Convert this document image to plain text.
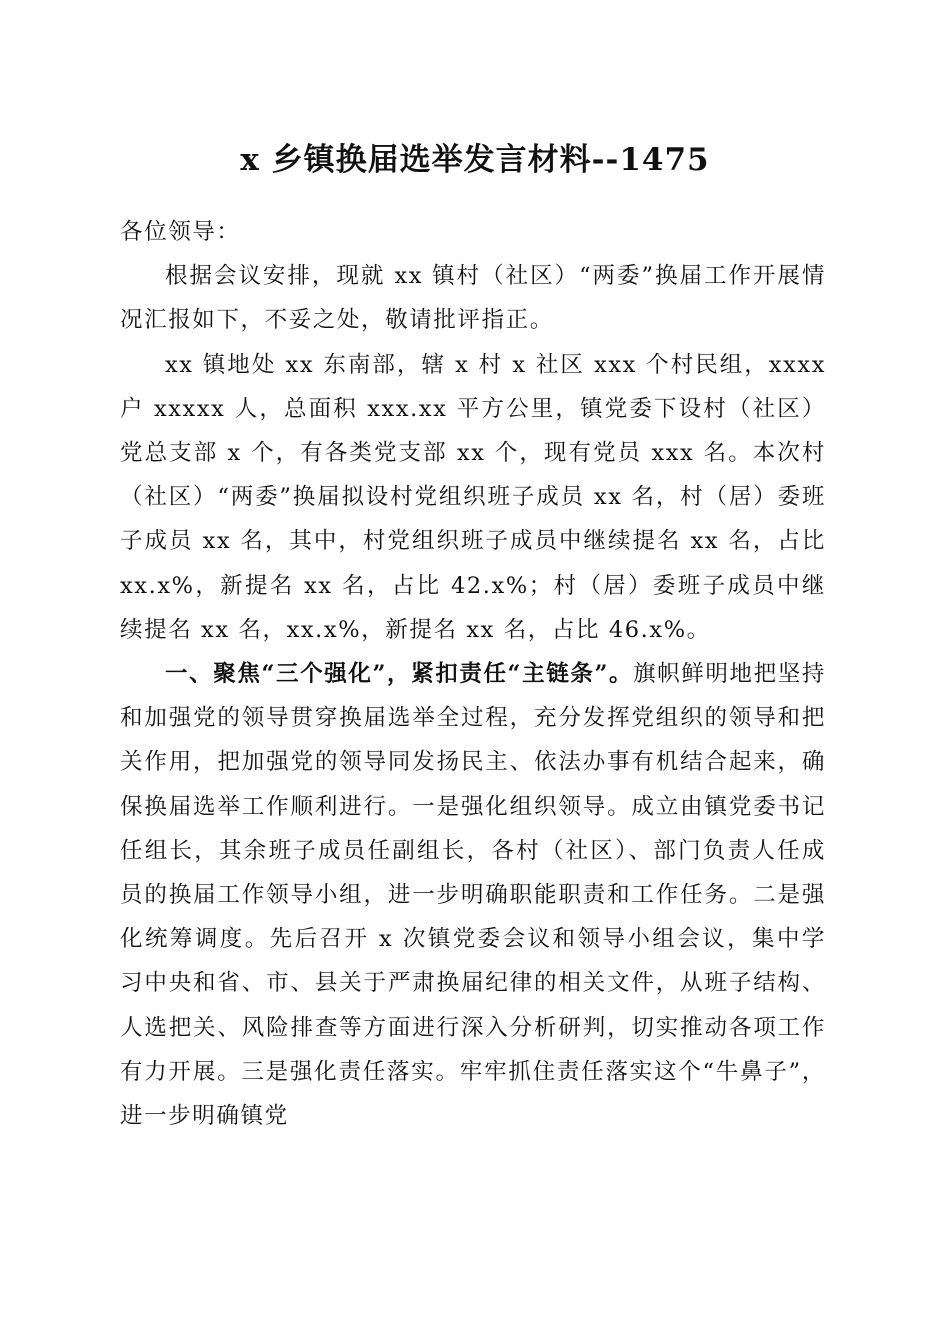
x 乡镇换届选举发言材料--1475

各位领导：

根据会议安排，现就 xx 镇村（社区）“两委”换届工作开展情况汇报如下，不妥之处，敬请批评指正。

xx 镇地处 xx 东南部，辖 x 村 x 社区 xxx 个村民组，xxxx 户 xxxxx 人，总面积 xxx.xx 平方公里，镇党委下设村（社区）党总支部 x 个，有各类党支部 xx 个，现有党员 xxx 名。本次村（社区）“两委”换届拟设村党组织班子成员 xx 名，村（居）委班子成员 xx 名，其中，村党组织班子成员中继续提名 xx 名，占比 xx.x%，新提名 xx 名，占比 42.x%；村（居）委班子成员中继续提名 xx 名，xx.x%，新提名 xx 名，占比 46.x%。

一、聚焦“三个强化”，紧扣责任“主链条”。旗帜鲜明地把坚持和加强党的领导贯穿换届选举全过程，充分发挥党组织的领导和把关作用，把加强党的领导同发扬民主、依法办事有机结合起来，确保换届选举工作顺利进行。一是强化组织领导。成立由镇党委书记任组长，其余班子成员任副组长，各村（社区）、部门负责人任成员的换届工作领导小组，进一步明确职能职责和工作任务。二是强化统筹调度。先后召开 x 次镇党委会议和领导小组会议，集中学习中央和省、市、县关于严肃换届纪律的相关文件，从班子结构、人选把关、风险排查等方面进行深入分析研判，切实推动各项工作有力开展。三是强化责任落实。牢牢抓住责任落实这个“牛鼻子”，进一步明确镇党
